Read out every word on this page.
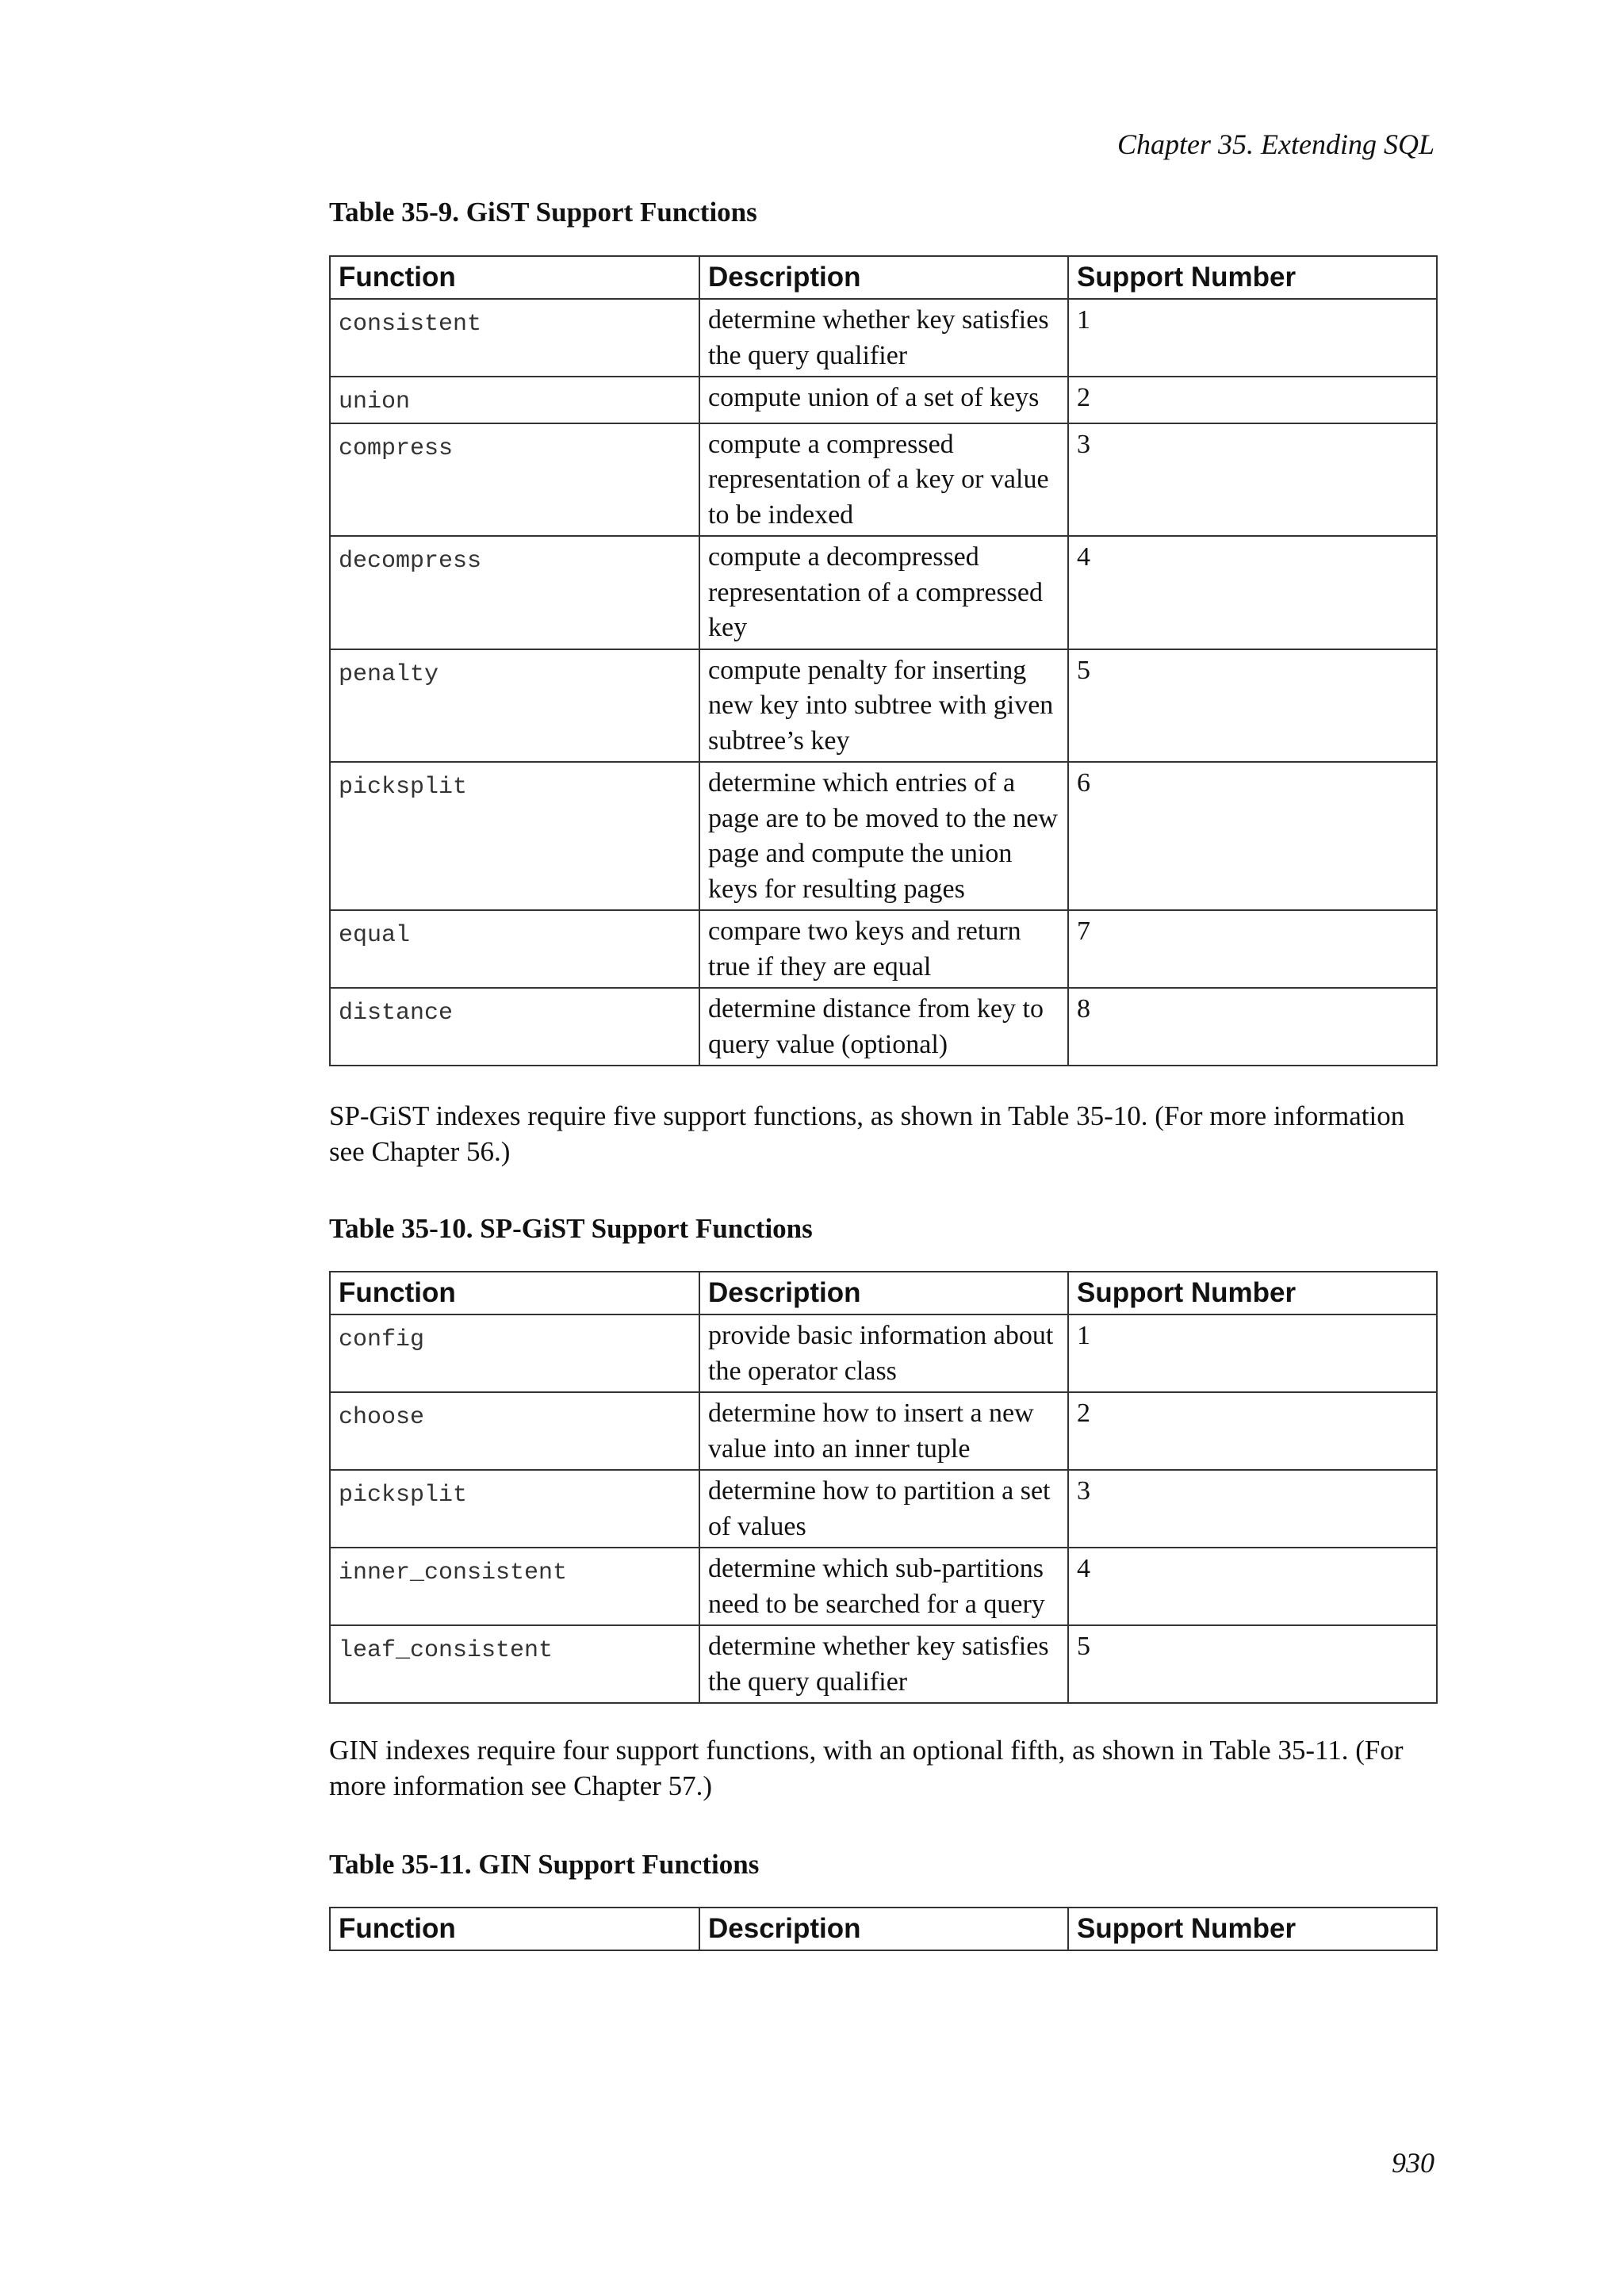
Chapter 35. Extending SQL
Table 35-9. GiST Support Functions
Function	Description	Support Number
consistent	determine whether key satisfies the query qualifier	1
union	compute union of a set of keys	2
compress	compute a compressed representation of a key or value to be indexed	3
decompress	compute a decompressed representation of a compressed key	4
penalty	compute penalty for inserting new key into subtree with given subtree’s key	5
picksplit	determine which entries of a page are to be moved to the new page and compute the union keys for resulting pages	6
equal	compare two keys and return true if they are equal	7
distance	determine distance from key to query value (optional)	8
SP-GiST indexes require five support functions, as shown in Table 35-10. (For more information see Chapter 56.)
Table 35-10. SP-GiST Support Functions
Function	Description	Support Number
config	provide basic information about the operator class	1
choose	determine how to insert a new value into an inner tuple	2
picksplit	determine how to partition a set of values	3
inner_consistent	determine which sub-partitions need to be searched for a query	4
leaf_consistent	determine whether key satisfies the query qualifier	5
GIN indexes require four support functions, with an optional fifth, as shown in Table 35-11. (For more information see Chapter 57.)
Table 35-11. GIN Support Functions
Function	Description	Support Number
930
